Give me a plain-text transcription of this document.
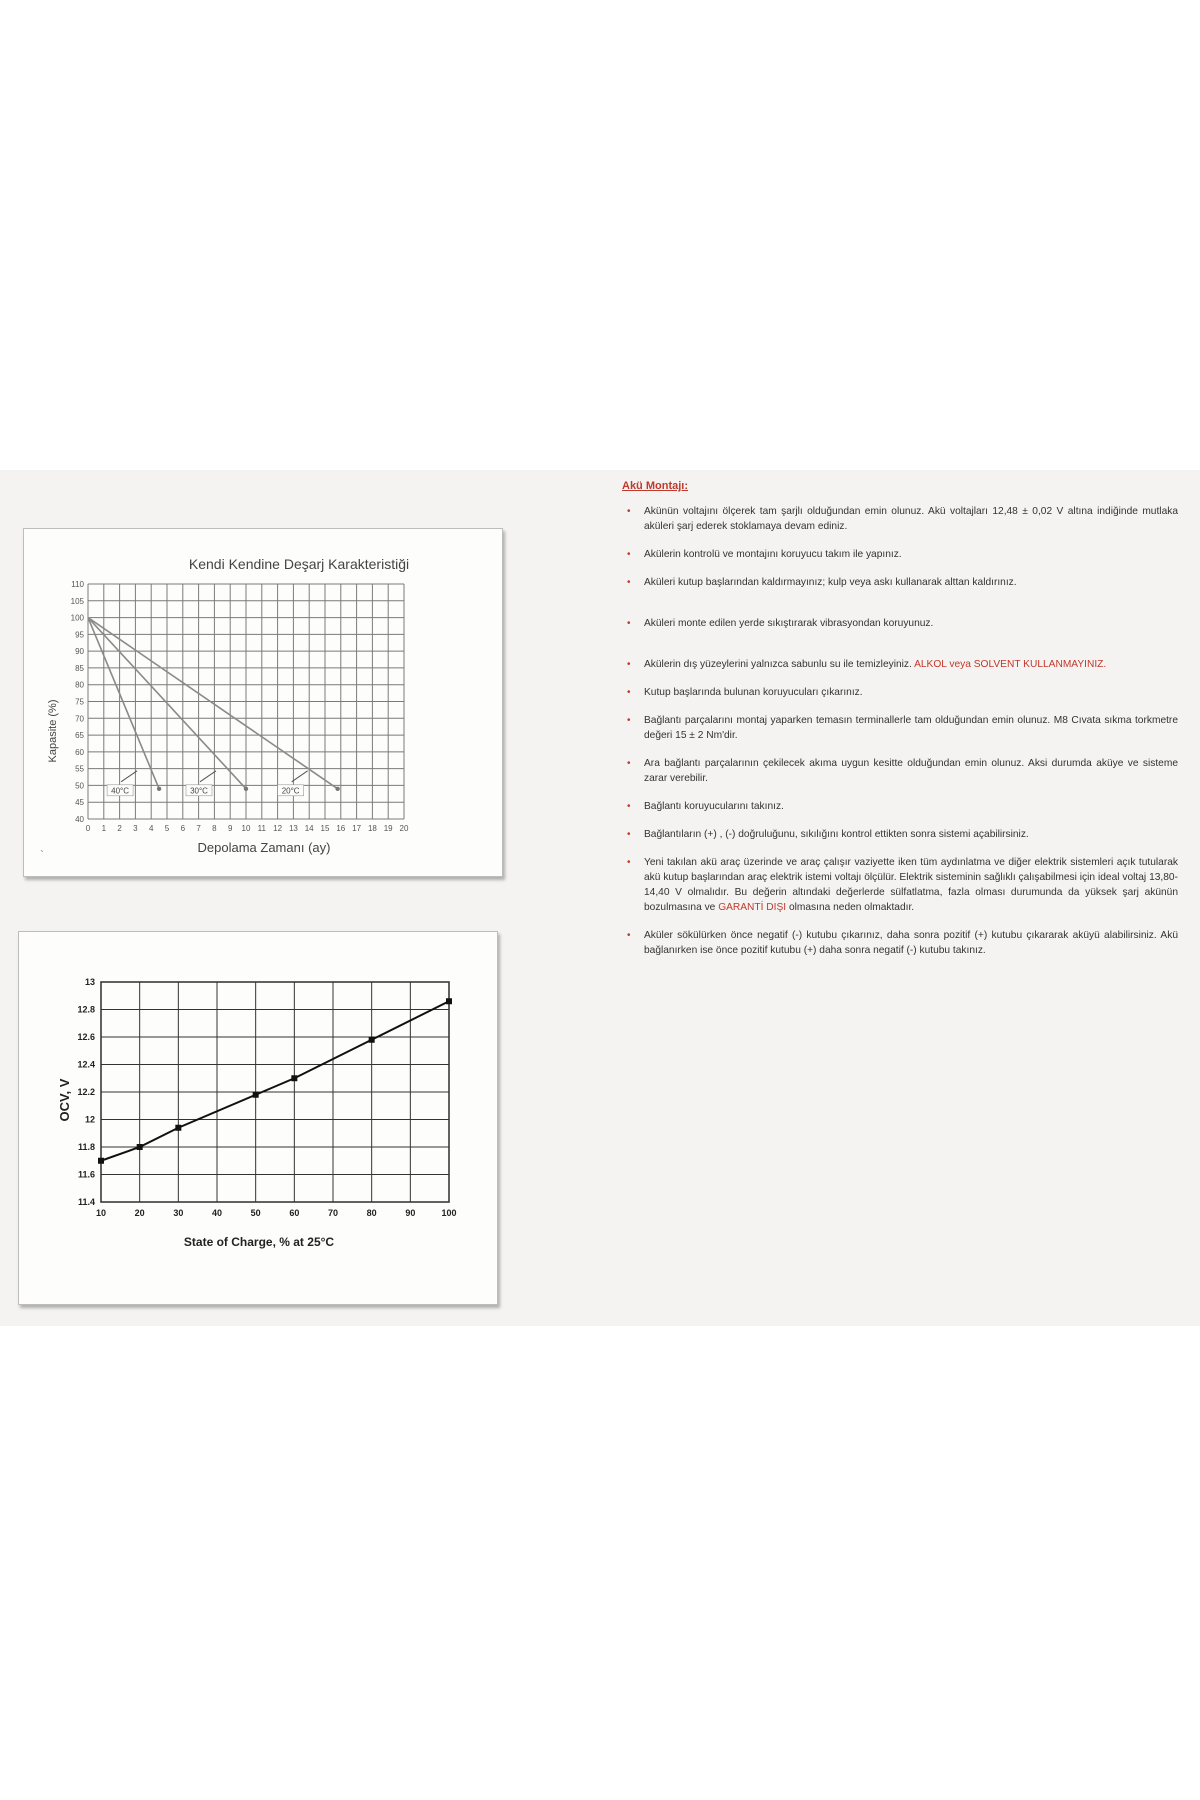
Kendi Kendine Deşarj Karakteristiği
Depolama Zamanı (ay)
Kapasite (%)
0 1 2 3 4 5 6 7 8 9 10 11 12 13 14 15 16 17 18 19 20
40
45
50
55
60
65
70
75
80
85
90
95
100
105
110
40°C	30°C	20°C
State of Charge, % at 25°C
OCV, V
10	20	30	40	50	60	70	80	90	100
11.4
11.6
11.8
12
12.2
12.4
12.6
12.8
13
Akü Montajı:
• Akünün voltajını ölçerek tam şarjlı olduğundan emin olunuz. Akü voltajları 12,48 ± 0,02 V altına indiğinde mutlaka aküleri şarj ederek stoklamaya devam ediniz.
• Akülerin kontrolü ve montajını koruyucu takım ile yapınız.
• Aküleri kutup başlarından kaldırmayınız; kulp veya askı kullanarak alttan kaldırınız.
• Aküleri monte edilen yerde sıkıştırarak vibrasyondan koruyunuz.
• Akülerin dış yüzeylerini yalnızca sabunlu su ile temizleyiniz. ALKOL veya SOLVENT KULLANMAYINIZ.
• Kutup başlarında bulunan koruyucuları çıkarınız.
• Bağlantı parçalarını montaj yaparken temasın terminallerle tam olduğundan emin olunuz. M8 Cıvata sıkma torkmetre değeri 15 ± 2 Nm'dir.
• Ara bağlantı parçalarının çekilecek akıma uygun kesitte olduğundan emin olunuz. Aksi durumda aküye ve sisteme zarar verebilir.
• Bağlantı koruyucularını takınız.
• Bağlantıların (+) , (-) doğruluğunu, sıkılığını kontrol ettikten sonra sistemi açabilirsiniz.
• Yeni takılan akü araç üzerinde ve araç çalışır vaziyette iken tüm aydınlatma ve diğer elektrik sistemleri açık tutularak akü kutup başlarından araç elektrik istemi voltajı ölçülür. Elektrik sisteminin sağlıklı çalışabilmesi için ideal voltaj 13,80-14,40 V olmalıdır. Bu değerin altındaki değerlerde sülfatlatma, fazla olması durumunda da yüksek şarj akünün bozulmasına ve GARANTİ DIŞI olmasına neden olmaktadır.
• Aküler sökülürken önce negatif (-) kutubu çıkarınız, daha sonra pozitif (+) kutubu çıkararak aküyü alabilirsiniz. Akü bağlanırken ise önce pozitif kutubu (+) daha sonra negatif (-) kutubu takınız.
`
